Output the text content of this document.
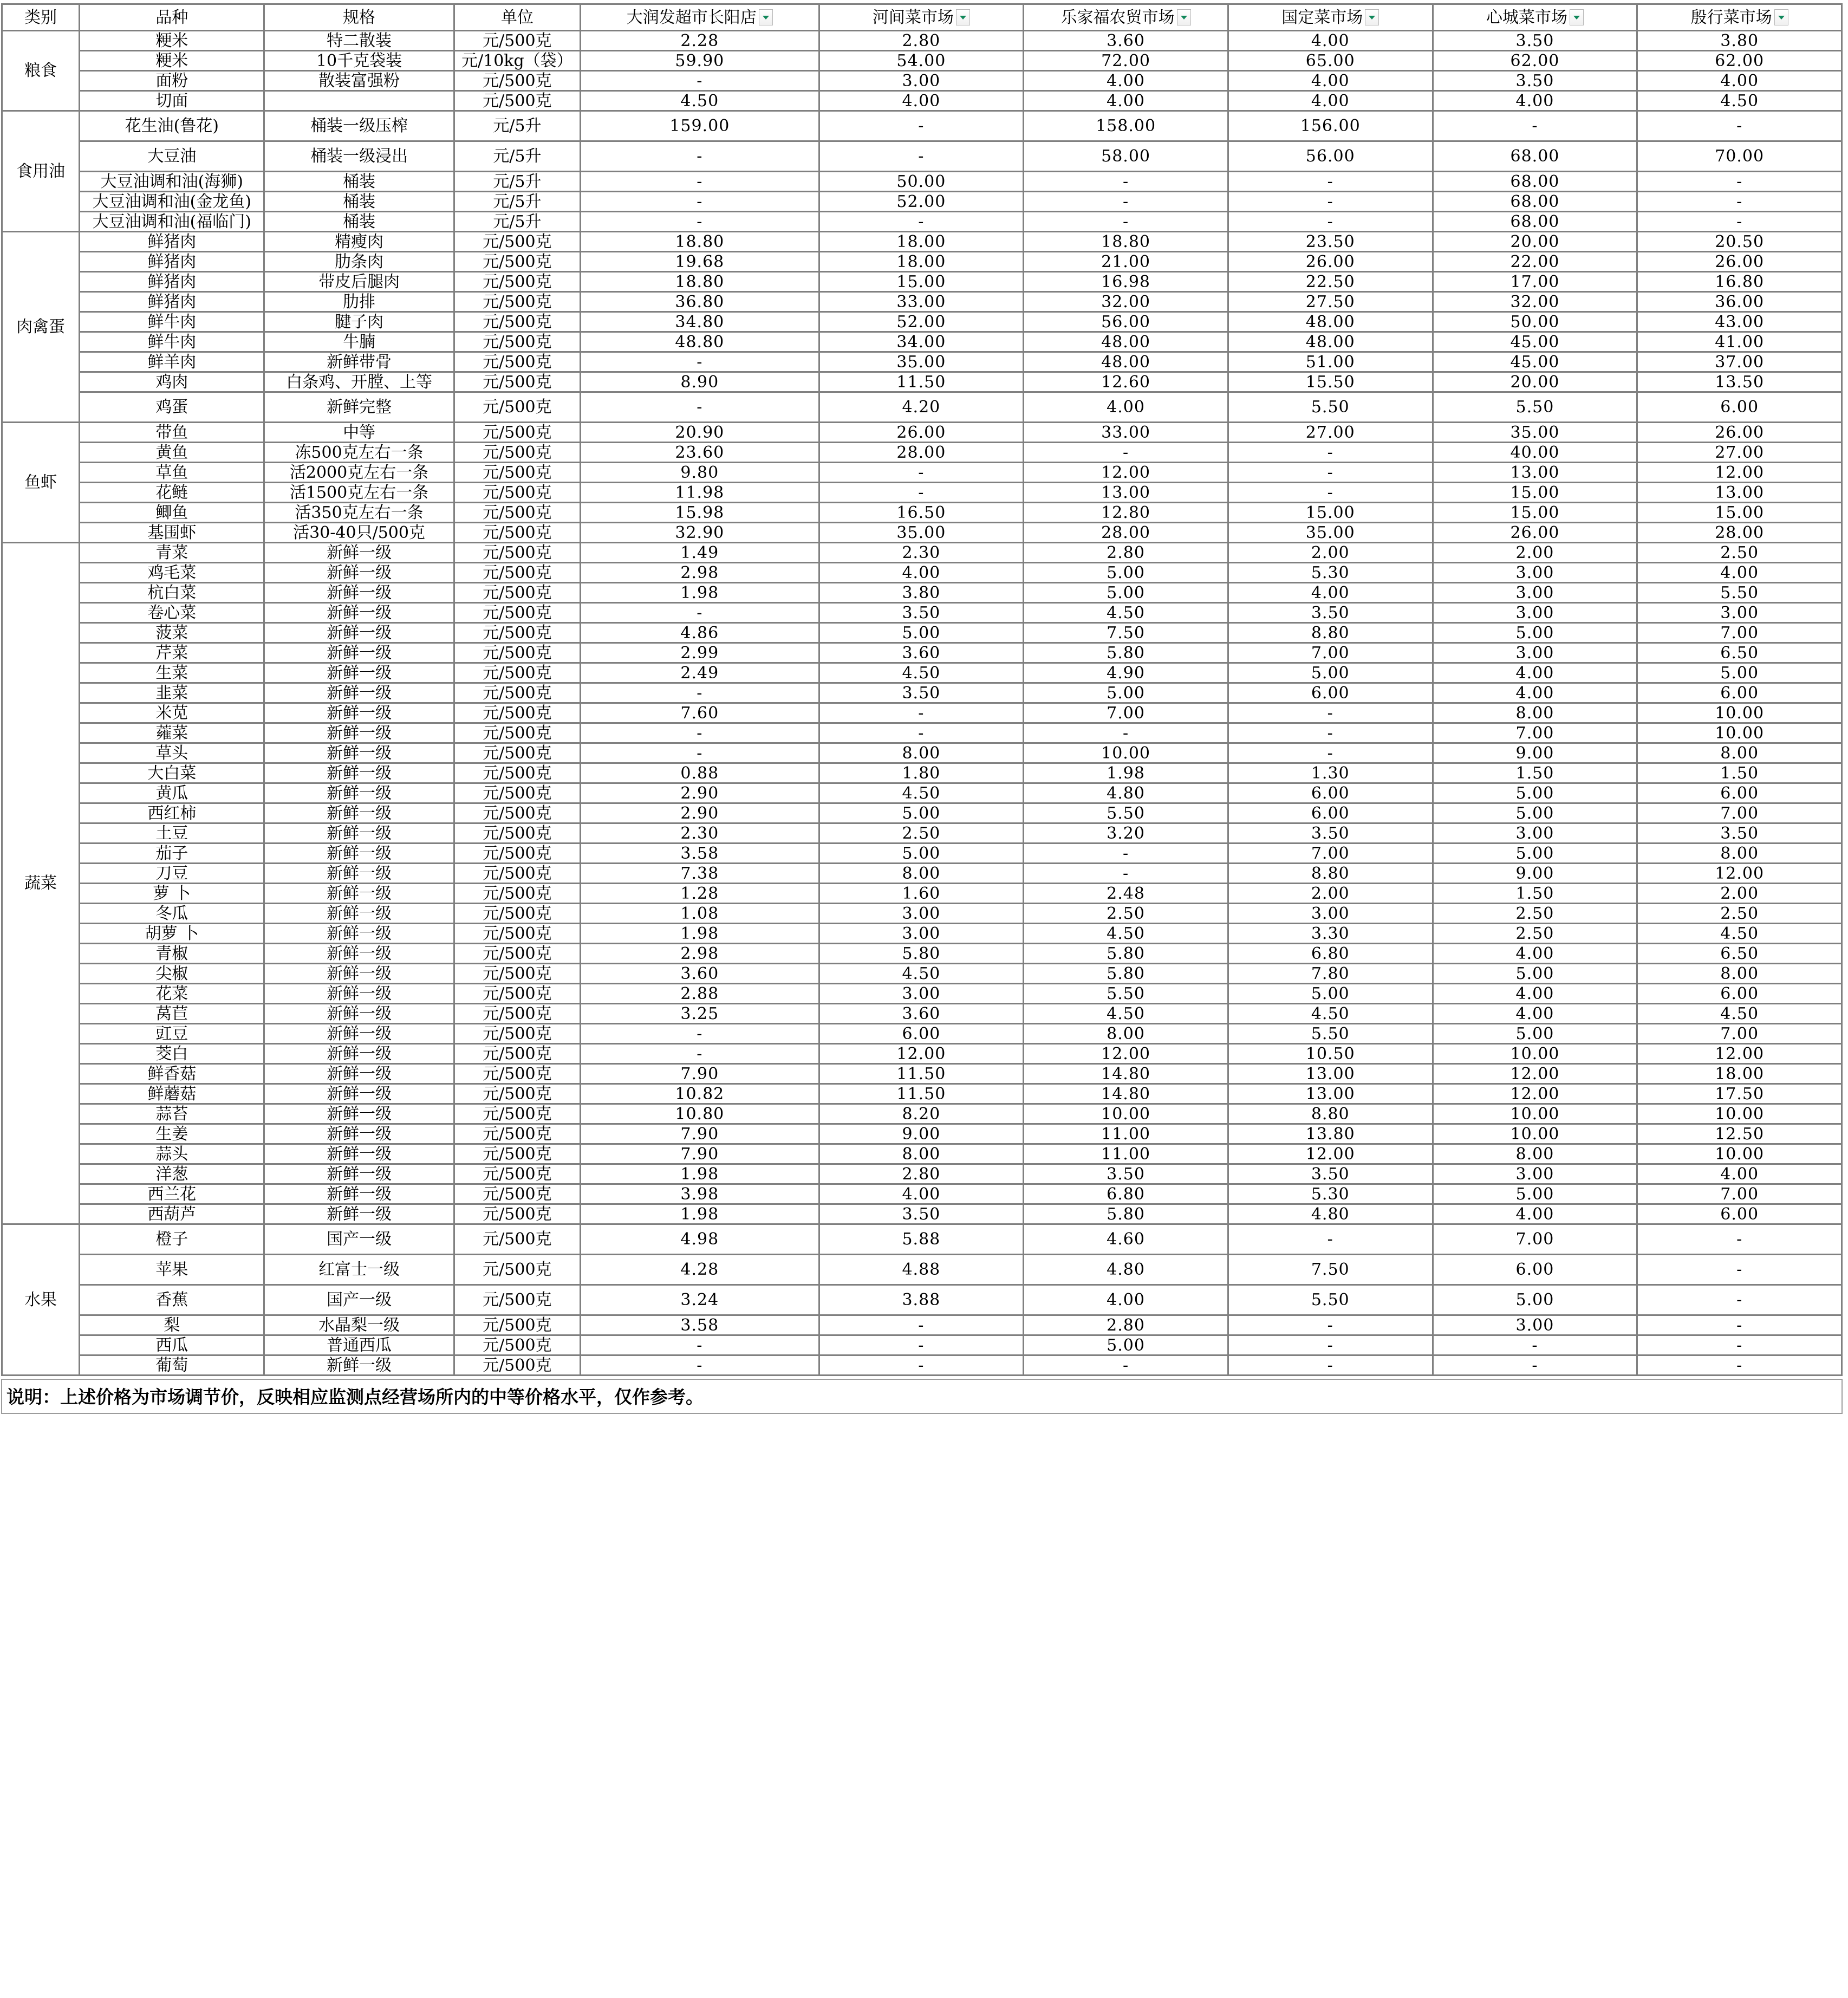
类别	品种	规格	单位	大润发超市长阳店	河间菜市场	乐家福农贸市场	国定菜市场	心城菜市场	殷行菜市场

粮食	粳米	特二散装	元/500克	2.28	2.80	3.60	4.00	3.50	3.80
	粳米	10千克袋装	元/10kg（袋）	59.90	54.00	72.00	65.00	62.00	62.00
	面粉	散装富强粉	元/500克	-	3.00	4.00	4.00	3.50	4.00
	切面		元/500克	4.50	4.00	4.00	4.00	4.00	4.50
食用油	花生油(鲁花)	桶装一级压榨	元/5升	159.00	-	158.00	156.00	-	-
	大豆油	桶装一级浸出	元/5升	-	-	58.00	56.00	68.00	70.00
	大豆油调和油(海狮)	桶装	元/5升	-	50.00	-	-	68.00	-
	大豆油调和油(金龙鱼)	桶装	元/5升	-	52.00	-	-	68.00	-
	大豆油调和油(福临门)	桶装	元/5升	-	-	-	-	68.00	-
肉禽蛋	鲜猪肉	精瘦肉	元/500克	18.80	18.00	18.80	23.50	20.00	20.50
	鲜猪肉	肋条肉	元/500克	19.68	18.00	21.00	26.00	22.00	26.00
	鲜猪肉	带皮后腿肉	元/500克	18.80	15.00	16.98	22.50	17.00	16.80
	鲜猪肉	肋排	元/500克	36.80	33.00	32.00	27.50	32.00	36.00
	鲜牛肉	腱子肉	元/500克	34.80	52.00	56.00	48.00	50.00	43.00
	鲜牛肉	牛腩	元/500克	48.80	34.00	48.00	48.00	45.00	41.00
	鲜羊肉	新鲜带骨	元/500克	-	35.00	48.00	51.00	45.00	37.00
	鸡肉	白条鸡、开膛、上等	元/500克	8.90	11.50	12.60	15.50	20.00	13.50
	鸡蛋	新鲜完整	元/500克	-	4.20	4.00	5.50	5.50	6.00
鱼虾	带鱼	中等	元/500克	20.90	26.00	33.00	27.00	35.00	26.00
	黄鱼	冻500克左右一条	元/500克	23.60	28.00	-	-	40.00	27.00
	草鱼	活2000克左右一条	元/500克	9.80	-	12.00	-	13.00	12.00
	花鲢	活1500克左右一条	元/500克	11.98	-	13.00	-	15.00	13.00
	鲫鱼	活350克左右一条	元/500克	15.98	16.50	12.80	15.00	15.00	15.00
	基围虾	活30-40只/500克	元/500克	32.90	35.00	28.00	35.00	26.00	28.00
蔬菜	青菜	新鲜一级	元/500克	1.49	2.30	2.80	2.00	2.00	2.50
	鸡毛菜	新鲜一级	元/500克	2.98	4.00	5.00	5.30	3.00	4.00
	杭白菜	新鲜一级	元/500克	1.98	3.80	5.00	4.00	3.00	5.50
	卷心菜	新鲜一级	元/500克	-	3.50	4.50	3.50	3.00	3.00
	菠菜	新鲜一级	元/500克	4.86	5.00	7.50	8.80	5.00	7.00
	芹菜	新鲜一级	元/500克	2.99	3.60	5.80	7.00	3.00	6.50
	生菜	新鲜一级	元/500克	2.49	4.50	4.90	5.00	4.00	5.00
	韭菜	新鲜一级	元/500克	-	3.50	5.00	6.00	4.00	6.00
	米苋	新鲜一级	元/500克	7.60	-	7.00	-	8.00	10.00
	蕹菜	新鲜一级	元/500克	-	-	-	-	7.00	10.00
	草头	新鲜一级	元/500克	-	8.00	10.00	-	9.00	8.00
	大白菜	新鲜一级	元/500克	0.88	1.80	1.98	1.30	1.50	1.50
	黄瓜	新鲜一级	元/500克	2.90	4.50	4.80	6.00	5.00	6.00
	西红柿	新鲜一级	元/500克	2.90	5.00	5.50	6.00	5.00	7.00
	土豆	新鲜一级	元/500克	2.30	2.50	3.20	3.50	3.00	3.50
	茄子	新鲜一级	元/500克	3.58	5.00	-	7.00	5.00	8.00
	刀豆	新鲜一级	元/500克	7.38	8.00	-	8.80	9.00	12.00
	萝 卜	新鲜一级	元/500克	1.28	1.60	2.48	2.00	1.50	2.00
	冬瓜	新鲜一级	元/500克	1.08	3.00	2.50	3.00	2.50	2.50
	胡萝 卜	新鲜一级	元/500克	1.98	3.00	4.50	3.30	2.50	4.50
	青椒	新鲜一级	元/500克	2.98	5.80	5.80	6.80	4.00	6.50
	尖椒	新鲜一级	元/500克	3.60	4.50	5.80	7.80	5.00	8.00
	花菜	新鲜一级	元/500克	2.88	3.00	5.50	5.00	4.00	6.00
	莴苣	新鲜一级	元/500克	3.25	3.60	4.50	4.50	4.00	4.50
	豇豆	新鲜一级	元/500克	-	6.00	8.00	5.50	5.00	7.00
	茭白	新鲜一级	元/500克	-	12.00	12.00	10.50	10.00	12.00
	鲜香菇	新鲜一级	元/500克	7.90	11.50	14.80	13.00	12.00	18.00
	鲜蘑菇	新鲜一级	元/500克	10.82	11.50	14.80	13.00	12.00	17.50
	蒜苔	新鲜一级	元/500克	10.80	8.20	10.00	8.80	10.00	10.00
	生姜	新鲜一级	元/500克	7.90	9.00	11.00	13.80	10.00	12.50
	蒜头	新鲜一级	元/500克	7.90	8.00	11.00	12.00	8.00	10.00
	洋葱	新鲜一级	元/500克	1.98	2.80	3.50	3.50	3.00	4.00
	西兰花	新鲜一级	元/500克	3.98	4.00	6.80	5.30	5.00	7.00
	西葫芦	新鲜一级	元/500克	1.98	3.50	5.80	4.80	4.00	6.00
水果	橙子	国产一级	元/500克	4.98	5.88	4.60	-	7.00	-
	苹果	红富士一级	元/500克	4.28	4.88	4.80	7.50	6.00	-
	香蕉	国产一级	元/500克	3.24	3.88	4.00	5.50	5.00	-
	梨	水晶梨一级	元/500克	3.58	-	2.80	-	3.00	-
	西瓜	普通西瓜	元/500克	-	-	5.00	-	-	-
	葡萄	新鲜一级	元/500克	-	-	-	-	-	-
说明：上述价格为市场调节价，反映相应监测点经营场所内的中等价格水平，仅作参考。
